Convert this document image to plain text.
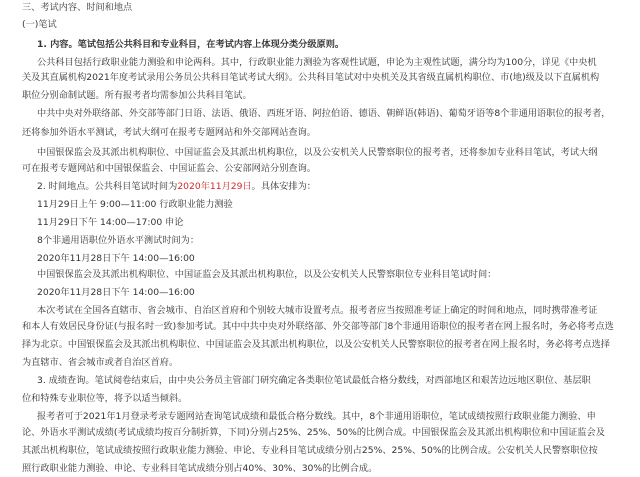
三、考试内容、时间和地点
(一)笔试
1. 内容。笔试包括公共科目和专业科目，在考试内容上体现分类分级原则。
公共科目包括行政职业能力测验和申论两科。其中，行政职业能力测验为客观性试题，申论为主观性试题，满分均为100分，详见《中央机
关及其直属机构2021年度考试录用公务员公共科目笔试考试大纲》。公共科目笔试对中央机关及其省级直属机构职位、市(地)级及以下直属机构
职位分别命制试题。所有报考者均需参加公共科目笔试。
中共中央对外联络部、外交部等部门日语、法语、俄语、西班牙语、阿拉伯语、德语、朝鲜语(韩语)、葡萄牙语等8个非通用语职位的报考者，
还将参加外语水平测试，考试大纲可在报考专题网站和外交部网站查询。
中国银保监会及其派出机构职位、中国证监会及其派出机构职位，以及公安机关人民警察职位的报考者，还将参加专业科目笔试，考试大纲
可在报考专题网站和中国银保监会、中国证监会、公安部网站分别查询。
2. 时间地点。公共科目笔试时间为2020年11月29日。具体安排为：
11月29日上午 9:00—11:00 行政职业能力测验
11月29日下午 14:00—17:00 申论
8个非通用语职位外语水平测试时间为：
2020年11月28日下午 14:00—16:00
中国银保监会及其派出机构职位、中国证监会及其派出机构职位，以及公安机关人民警察职位专业科目笔试时间：
2020年11月28日下午 14:00—16:00
本次考试在全国各直辖市、省会城市、自治区首府和个别较大城市设置考点。报考者应当按照准考证上确定的时间和地点，同时携带准考证
和本人有效居民身份证(与报名时一致)参加考试。其中中共中央对外联络部、外交部等部门8个非通用语职位的报考者在网上报名时，务必将考点选
择为北京。中国银保监会及其派出机构职位、中国证监会及其派出机构职位，以及公安机关人民警察职位的报考者在网上报名时，务必将考点选择
为直辖市、省会城市或者自治区首府。
3. 成绩查询。笔试阅卷结束后，由中央公务员主管部门研究确定各类职位笔试最低合格分数线，对西部地区和艰苦边远地区职位、基层职
位和特殊专业职位等，将予以适当倾斜。
报考者可于2021年1月登录考录专题网站查询笔试成绩和最低合格分数线。其中，8个非通用语职位，笔试成绩按照行政职业能力测验、申
论、外语水平测试成绩(考试成绩均按百分制折算，下同)分别占25%、25%、50%的比例合成。中国银保监会及其派出机构职位和中国证监会及
其派出机构职位，笔试成绩按照行政职业能力测验、申论、专业科目笔试成绩分别占25%、25%、50%的比例合成。公安机关人民警察职位按
照行政职业能力测验、申论、专业科目笔试成绩分别占40%、30%、30%的比例合成。
